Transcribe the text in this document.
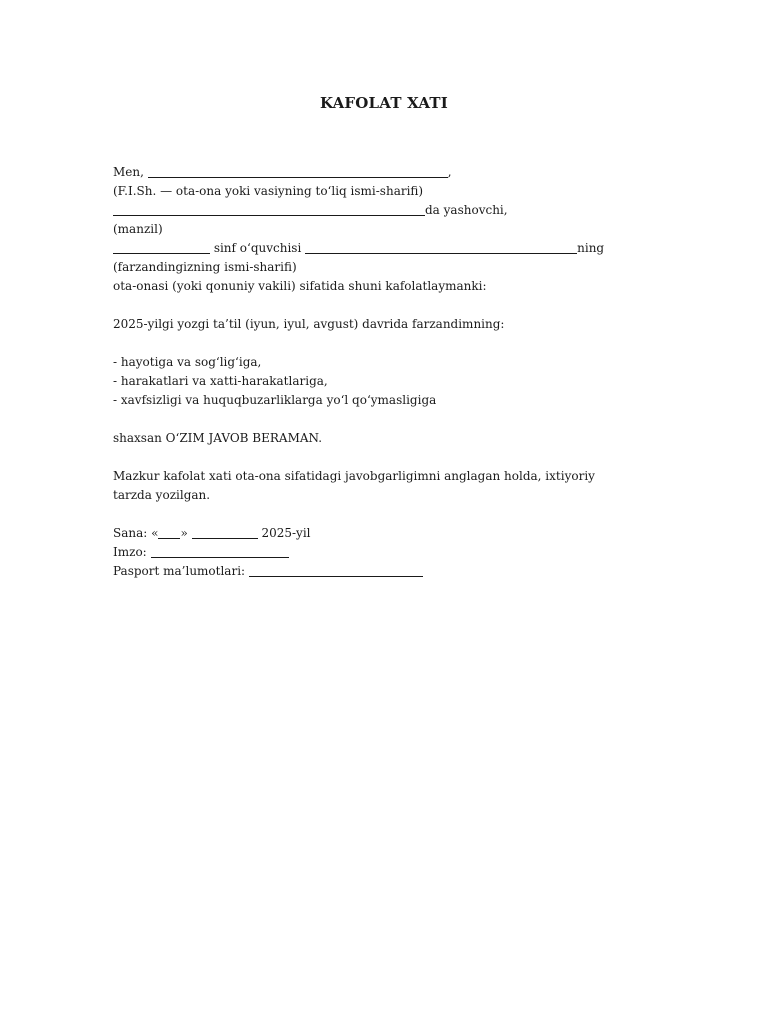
KAFOLAT XATI
Men,	,
(F.I.Sh. — ota-ona yoki vasiyning to‘liq ismi-sharifi)
da yashovchi,
(manzil)
sinf o‘quvchisi	ning
(farzandingizning ismi-sharifi)
ota-onasi (yoki qonuniy vakili) sifatida shuni kafolatlaymanki:
2025-yilgi yozgi ta’til (iyun, iyul, avgust) davrida farzandimning:
- hayotiga va sog‘lig‘iga,
- harakatlari va xatti-harakatlariga,
- xavfsizligi va huquqbuzarliklarga yo‘l qo‘ymasligiga
shaxsan O‘ZIM JAVOB BERAMAN.
Mazkur kafolat xati ota-ona sifatidagi javobgarligimni anglagan holda, ixtiyoriy tarzda yozilgan.
Sana: « »	2025-yil
Imzo:
Pasport ma’lumotlari:
